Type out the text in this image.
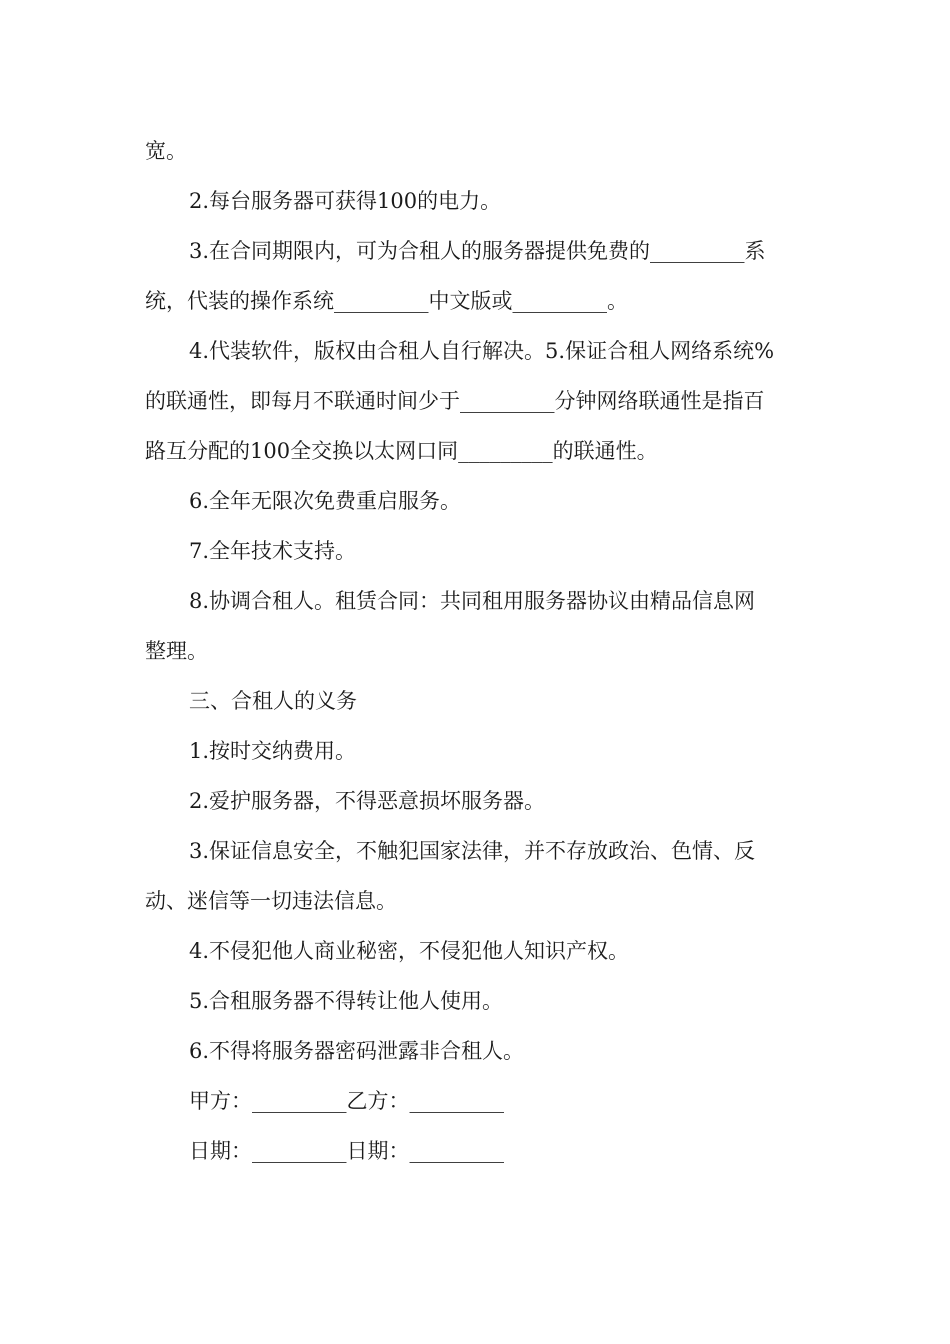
宽。
2.每台服务器可获得100的电力。
3.在合同期限内，可为合租人的服务器提供免费的_________系
统，代装的操作系统_________中文版或_________。
4.代装软件，版权由合租人自行解决。5.保证合租人网络系统%
的联通性，即每月不联通时间少于_________分钟网络联通性是指百
路互分配的100全交换以太网口同_________的联通性。
6.全年无限次免费重启服务。
7.全年技术支持。
8.协调合租人。租赁合同：共同租用服务器协议由精品信息网
整理。
三、合租人的义务
1.按时交纳费用。
2.爱护服务器，不得恶意损坏服务器。
3.保证信息安全，不触犯国家法律，并不存放政治、色情、反
动、迷信等一切违法信息。
4.不侵犯他人商业秘密，不侵犯他人知识产权。
5.合租服务器不得转让他人使用。
6.不得将服务器密码泄露非合租人。
甲方：_________乙方：_________
日期：_________日期：_________
